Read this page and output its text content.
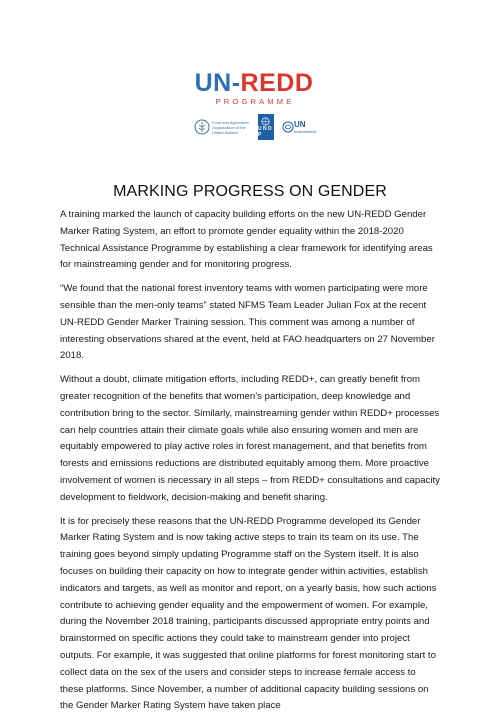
UN-REDD
PROGRAMME
Food and Agriculture Organization of the United Nations
U N D P
UN
environment
MARKING PROGRESS ON GENDER

A training marked the launch of capacity building efforts on the new UN-REDD Gender Marker Rating System, an effort to promote gender equality within the 2018-2020 Technical Assistance Programme by establishing a clear framework for identifying areas for mainstreaming gender and for monitoring progress.

“We found that the national forest inventory teams with women participating were more sensible than the men-only teams” stated NFMS Team Leader Julian Fox at the recent UN-REDD Gender Marker Training session. This comment was among a number of interesting observations shared at the event, held at FAO headquarters on 27 November 2018.

Without a doubt, climate mitigation efforts, including REDD+, can greatly benefit from greater recognition of the benefits that women’s participation, deep knowledge and contribution bring to the sector. Similarly, mainstreaming gender within REDD+ processes can help countries attain their climate goals while also ensuring women and men are equitably empowered to play active roles in forest management, and that benefits from forests and emissions reductions are distributed equitably among them. More proactive involvement of women is necessary in all steps – from REDD+ consultations and capacity development to fieldwork, decision-making and benefit sharing.

It is for precisely these reasons that the UN-REDD Programme developed its Gender Marker Rating System and is now taking active steps to train its team on its use. The training goes beyond simply updating Programme staff on the System itself. It is also focuses on building their capacity on how to integrate gender within activities, establish indicators and targets, as well as monitor and report, on a yearly basis, how such actions contribute to achieving gender equality and the empowerment of women. For example, during the November 2018 training, participants discussed appropriate entry points and brainstormed on specific actions they could take to mainstream gender into project outputs. For example, it was suggested that online platforms for forest monitoring start to collect data on the sex of the users and consider steps to increase female access to these platforms. Since November, a number of additional capacity building sessions on the Gender Marker Rating System have taken place
